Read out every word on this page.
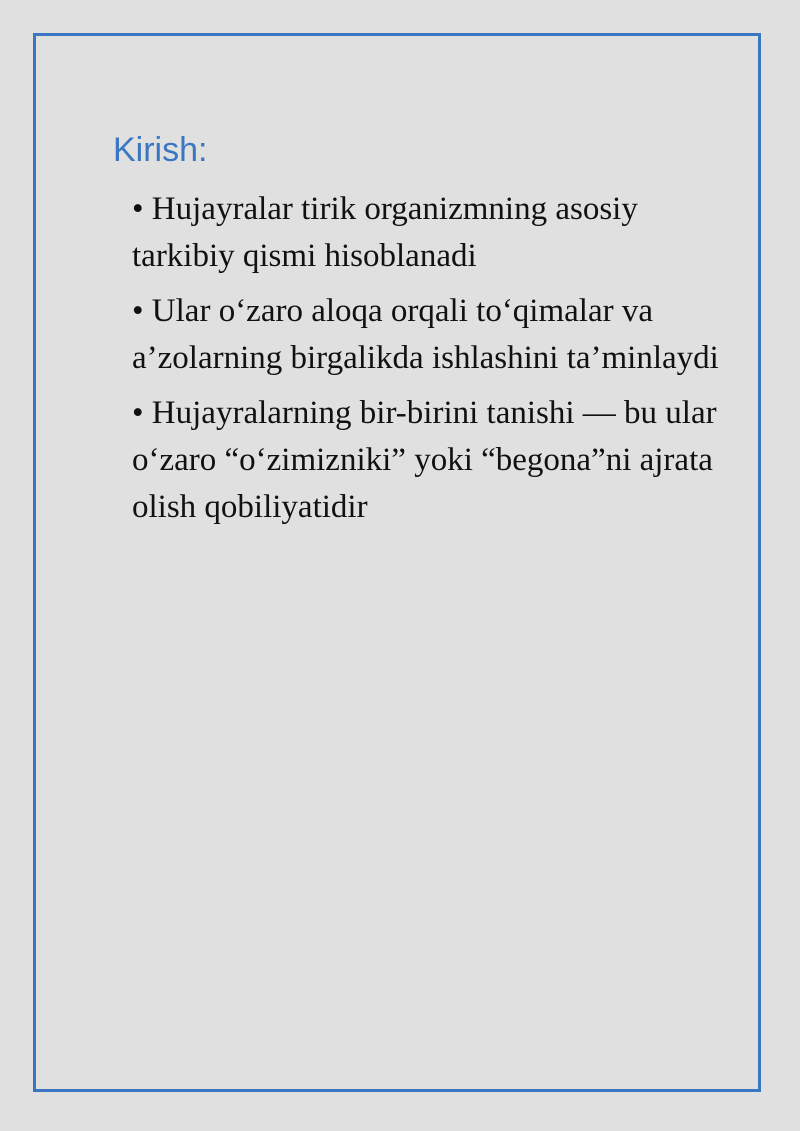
Kirish:
• Hujayralar tirik organizmning asosiy tarkibiy qismi hisoblanadi
• Ular o‘zaro aloqa orqali to‘qimalar va a’zolarning birgalikda ishlashini ta’minlaydi
• Hujayralarning bir-birini tanishi — bu ular o‘zaro “o‘zimizniki” yoki “begona”ni ajrata olish qobiliyatidir
